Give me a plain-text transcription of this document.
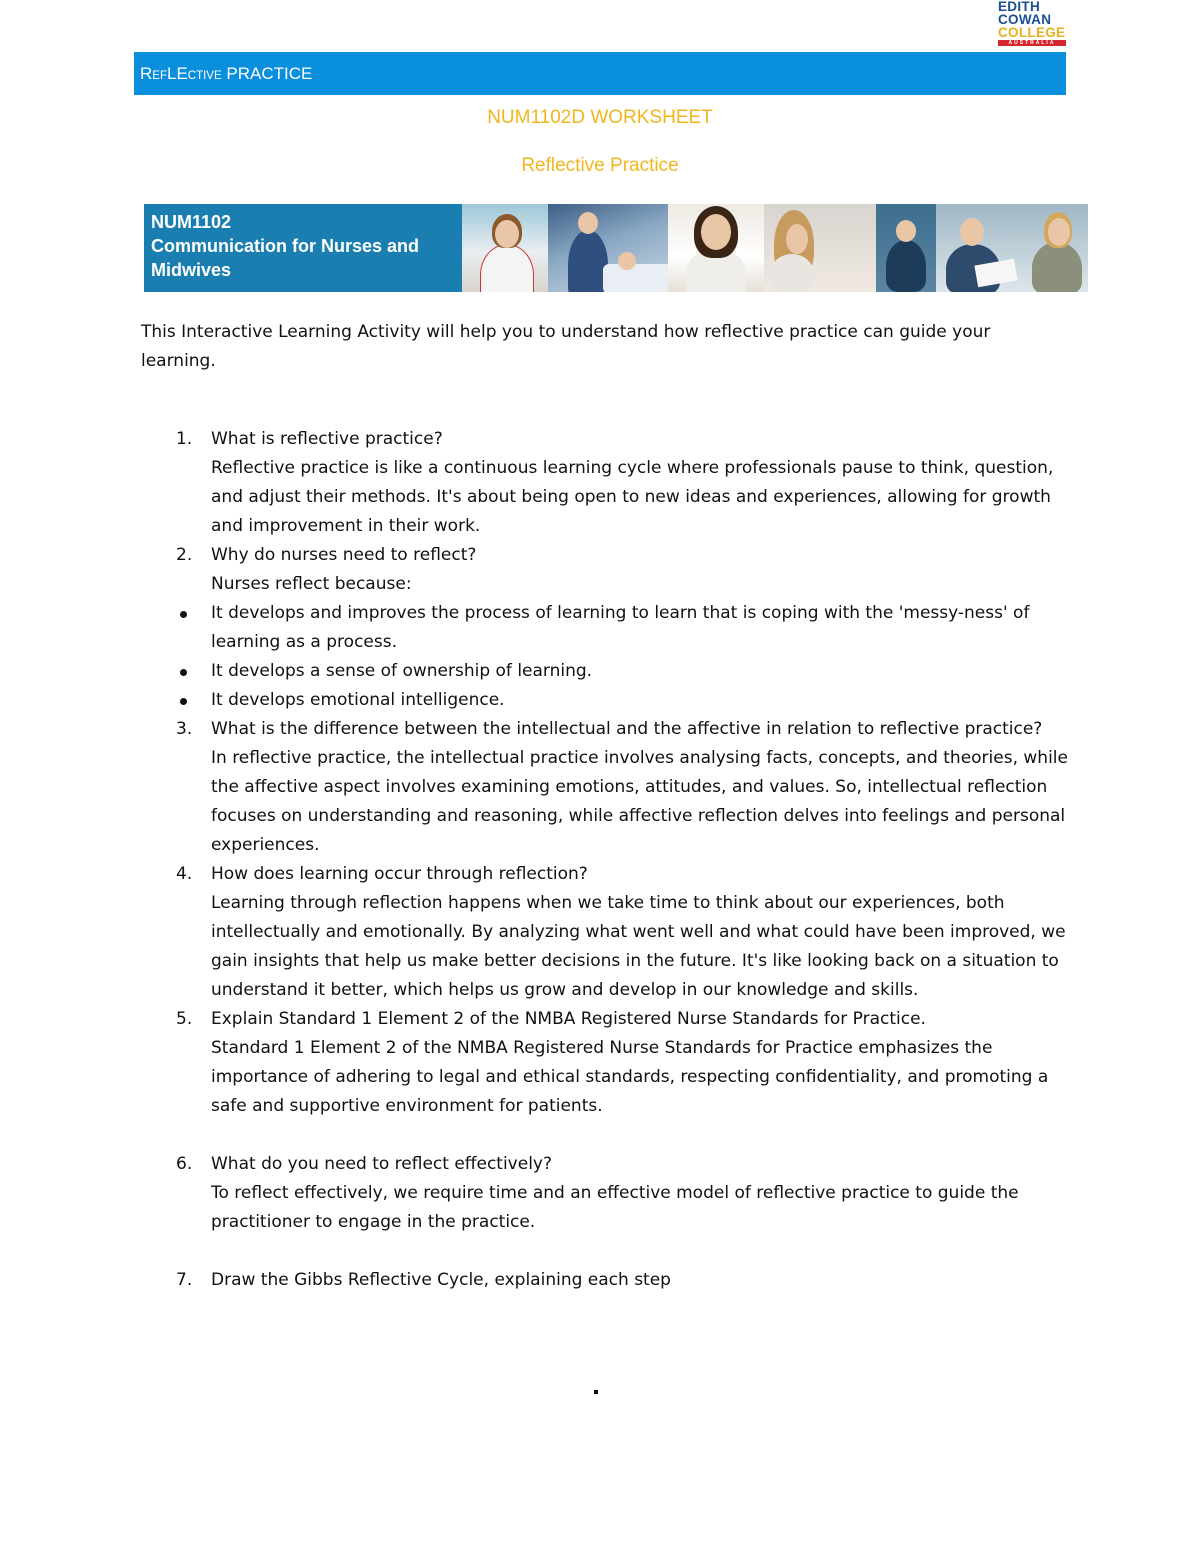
EDITH
COWAN
COLLEGE
AUSTRALIA
REFLECTIVE PRACTICE
NUM1102D WORKSHEET
Reflective Practice
NUM1102
Communication for Nurses and
Midwives

This Interactive Learning Activity will help you to understand how reflective practice can guide your learning.

1. What is reflective practice?

Reflective practice is like a continuous learning cycle where professionals pause to think, question, and adjust their methods. It's about being open to new ideas and experiences, allowing for growth and improvement in their work.

2. Why do nurses need to reflect?

Nurses reflect because:

It develops and improves the process of learning to learn that is coping with the 'messy-ness' of learning as a process.
It develops a sense of ownership of learning.
It develops emotional intelligence.
3. What is the difference between the intellectual and the affective in relation to reflective practice?

In reflective practice, the intellectual practice involves analysing facts, concepts, and theories, while the affective aspect involves examining emotions, attitudes, and values. So, intellectual reflection focuses on understanding and reasoning, while affective reflection delves into feelings and personal experiences.

4. How does learning occur through reflection?

Learning through reflection happens when we take time to think about our experiences, both intellectually and emotionally. By analyzing what went well and what could have been improved, we gain insights that help us make better decisions in the future. It's like looking back on a situation to understand it better, which helps us grow and develop in our knowledge and skills.

5. Explain Standard 1 Element 2 of the NMBA Registered Nurse Standards for Practice.

Standard 1 Element 2 of the NMBA Registered Nurse Standards for Practice emphasizes the importance of adhering to legal and ethical standards, respecting confidentiality, and promoting a safe and supportive environment for patients.

6. What do you need to reflect effectively?

To reflect effectively, we require time and an effective model of reflective practice to guide the practitioner to engage in the practice.

7. Draw the Gibbs Reflective Cycle, explaining each step
